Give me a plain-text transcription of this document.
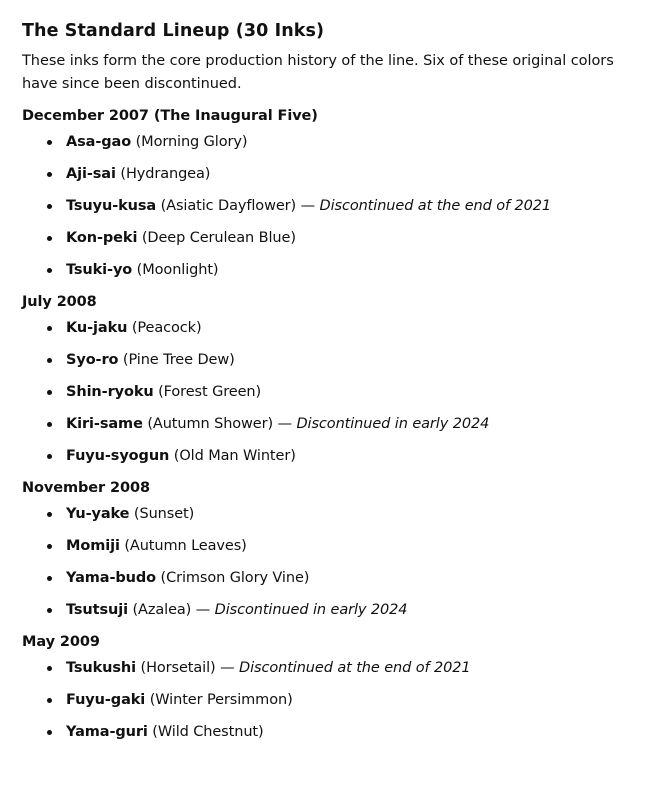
The Standard Lineup (30 Inks)

These inks form the core production history of the line. Six of these original colors have since been discontinued.

December 2007 (The Inaugural Five)
Asa-gao (Morning Glory)
Aji-sai (Hydrangea)
Tsuyu-kusa (Asiatic Dayflower) — Discontinued at the end of 2021
Kon-peki (Deep Cerulean Blue)
Tsuki-yo (Moonlight)
July 2008
Ku-jaku (Peacock)
Syo-ro (Pine Tree Dew)
Shin-ryoku (Forest Green)
Kiri-same (Autumn Shower) — Discontinued in early 2024
Fuyu-syogun (Old Man Winter)
November 2008
Yu-yake (Sunset)
Momiji (Autumn Leaves)
Yama-budo (Crimson Glory Vine)
Tsutsuji (Azalea) — Discontinued in early 2024
May 2009
Tsukushi (Horsetail) — Discontinued at the end of 2021
Fuyu-gaki (Winter Persimmon)
Yama-guri (Wild Chestnut)
